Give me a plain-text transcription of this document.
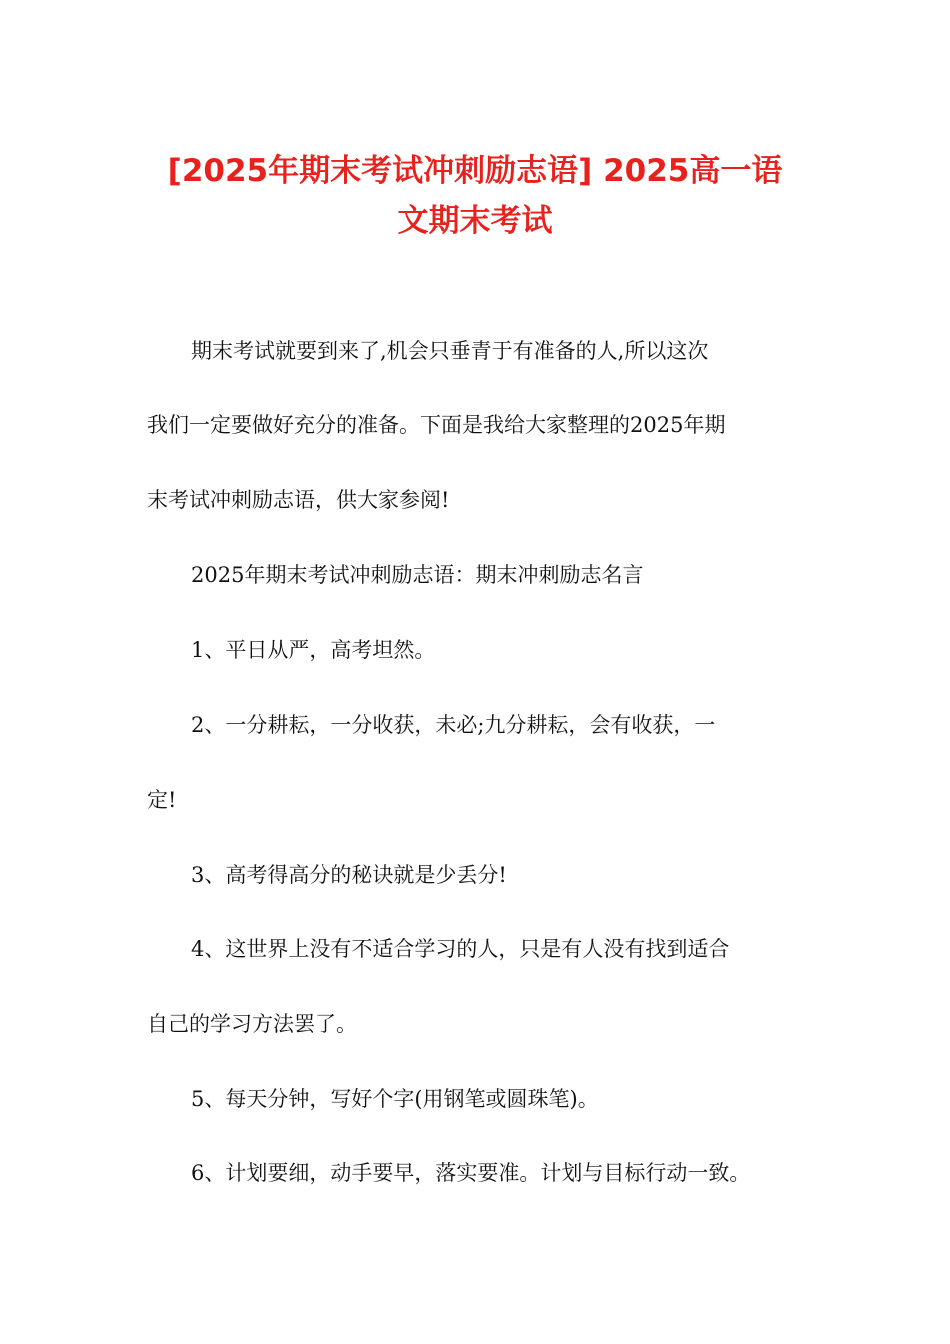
[2025年期末考试冲刺励志语] 2025高一语
文期末考试
期末考试就要到来了,机会只垂青于有准备的人,所以这次
我们一定要做好充分的准备。下面是我给大家整理的2025年期
末考试冲刺励志语，供大家参阅!
2025年期末考试冲刺励志语：期末冲刺励志名言
1、平日从严，高考坦然。
2、一分耕耘，一分收获，未必;九分耕耘，会有收获，一
定!
3、高考得高分的秘诀就是少丢分!
4、这世界上没有不适合学习的人，只是有人没有找到适合
自己的学习方法罢了。
5、每天分钟，写好个字(用钢笔或圆珠笔)。
6、计划要细，动手要早，落实要准。计划与目标行动一致。
